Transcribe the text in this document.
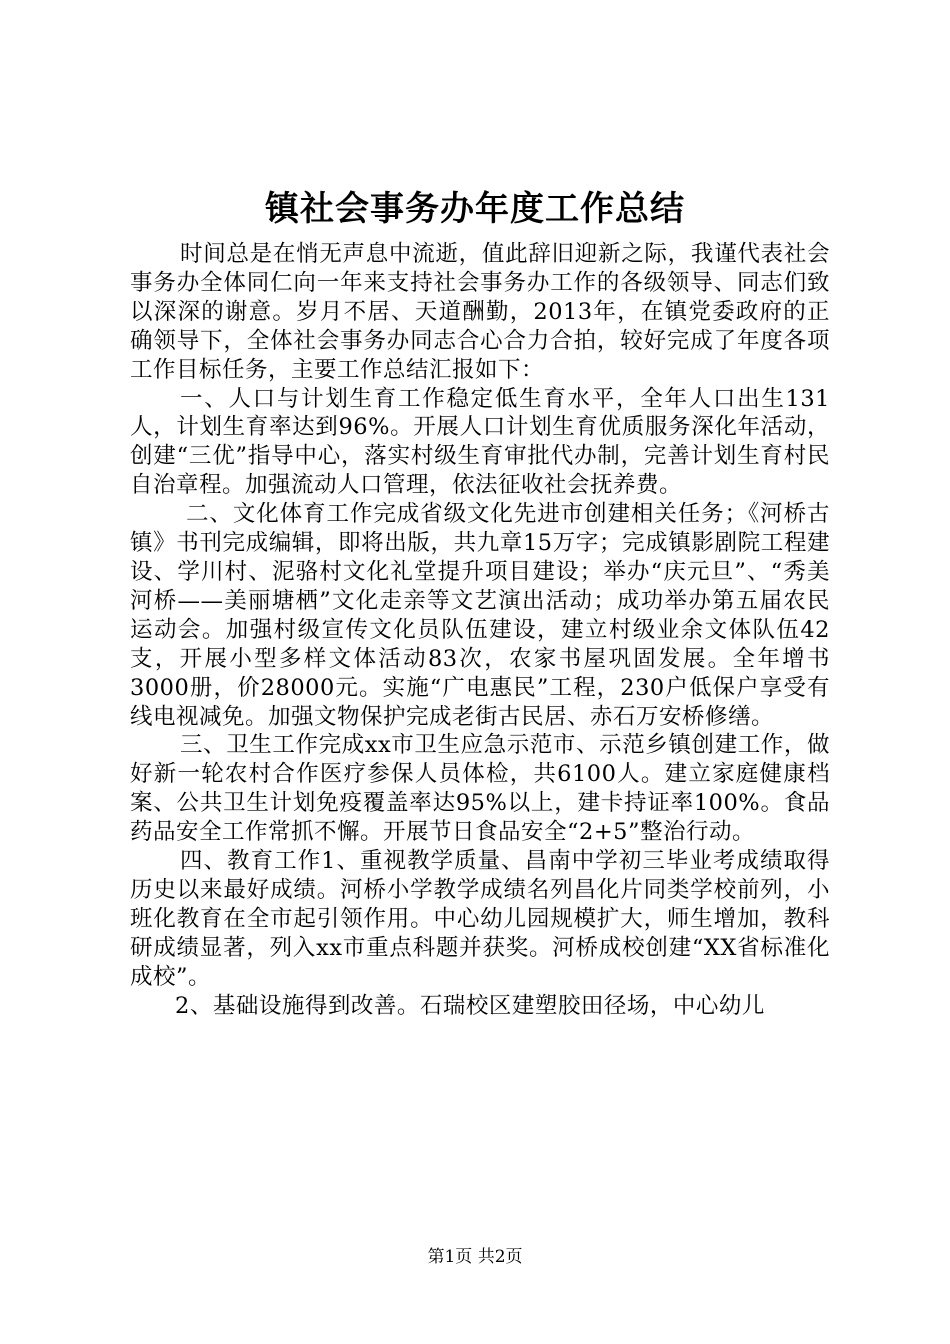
镇社会事务办年度工作总结

时间总是在悄无声息中流逝，值此辞旧迎新之际，我谨代表社会事务办全体同仁向一年来支持社会事务办工作的各级领导、同志们致以深深的谢意。岁月不居、天道酬勤，2013年，在镇党委政府的正确领导下，全体社会事务办同志合心合力合拍，较好完成了年度各项工作目标任务，主要工作总结汇报如下：

一、人口与计划生育工作稳定低生育水平，全年人口出生131人，计划生育率达到96%。开展人口计划生育优质服务深化年活动，创建“三优”指导中心，落实村级生育审批代办制，完善计划生育村民自治章程。加强流动人口管理，依法征收社会抚养费。

二、文化体育工作完成省级文化先进市创建相关任务；《河桥古镇》书刊完成编辑，即将出版，共九章15万字；完成镇影剧院工程建设、学川村、泥骆村文化礼堂提升项目建设；举办“庆元旦”、“秀美河桥——美丽塘栖”文化走亲等文艺演出活动；成功举办第五届农民运动会。加强村级宣传文化员队伍建设，建立村级业余文体队伍42支，开展小型多样文体活动83次，农家书屋巩固发展。全年增书3000册，价28000元。实施“广电惠民”工程，230户低保户享受有线电视减免。加强文物保护完成老街古民居、赤石万安桥修缮。

三、卫生工作完成xx市卫生应急示范市、示范乡镇创建工作，做好新一轮农村合作医疗参保人员体检，共6100人。建立家庭健康档案、公共卫生计划免疫覆盖率达95%以上，建卡持证率100%。食品药品安全工作常抓不懈。开展节日食品安全“2+5”整治行动。

四、教育工作1、重视教学质量、昌南中学初三毕业考成绩取得历史以来最好成绩。河桥小学教学成绩名列昌化片同类学校前列，小班化教育在全市起引领作用。中心幼儿园规模扩大，师生增加，教科研成绩显著，列入xx市重点科题并获奖。河桥成校创建“XX省标准化成校”。

2、基础设施得到改善。石瑞校区建塑胶田径场，中心幼儿

第1页 共2页
